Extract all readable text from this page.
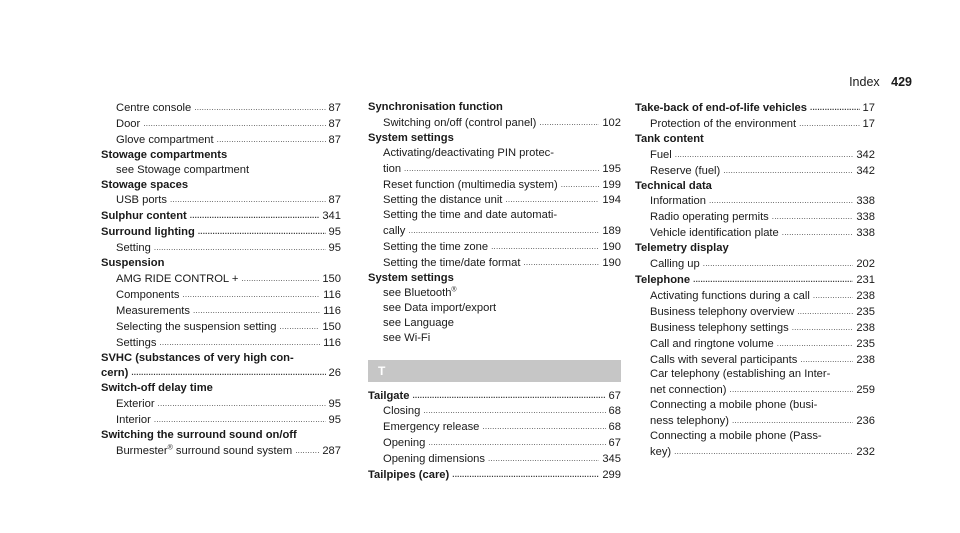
Index 429
Centre console . . .	87
Door . . .	87
Glove compartment . . .	87
Stowage compartments
see Stowage compartment
Stowage spaces
USB ports . . .	87
Sulphur content . . .	341
Surround lighting . . .	95
Setting . . .	95
Suspension
AMG RIDE CONTROL + . . .	150
Components . . .	116
Measurements . . .	116
Selecting the suspension setting . . .	150
Settings . . .	116
SVHC (substances of very high con-
cern) . . .	26
Switch-off delay time
Exterior . . .	95
Interior . . .	95
Switching the surround sound on/off
Burmester® surround sound system . . .	287
Synchronisation function
Switching on/off (control panel) . . .	102
System settings
Activating/deactivating PIN protec-
tion . . .	195
Reset function (multimedia system) . . .	199
Setting the distance unit . . .	194
Setting the time and date automati-
cally . . .	189
Setting the time zone . . .	190
Setting the time/date format . . .	190
System settings
see Bluetooth®
see Data import/export
see Language
see Wi-Fi
T
Tailgate . . .	67
Closing . . .	68
Emergency release . . .	68
Opening . . .	67
Opening dimensions . . .	345
Tailpipes (care) . . .	299
Take-back of end-of-life vehicles . . .	17
Protection of the environment . . .	17
Tank content
Fuel . . .	342
Reserve (fuel) . . .	342
Technical data
Information . . .	338
Radio operating permits . . .	338
Vehicle identification plate . . .	338
Telemetry display
Calling up . . .	202
Telephone . . .	231
Activating functions during a call . . .	238
Business telephony overview . . .	235
Business telephony settings . . .	238
Call and ringtone volume . . .	235
Calls with several participants . . .	238
Car telephony (establishing an Inter-
net connection) . . .	259
Connecting a mobile phone (busi-
ness telephony) . . .	236
Connecting a mobile phone (Pass-
key) . . .	232
